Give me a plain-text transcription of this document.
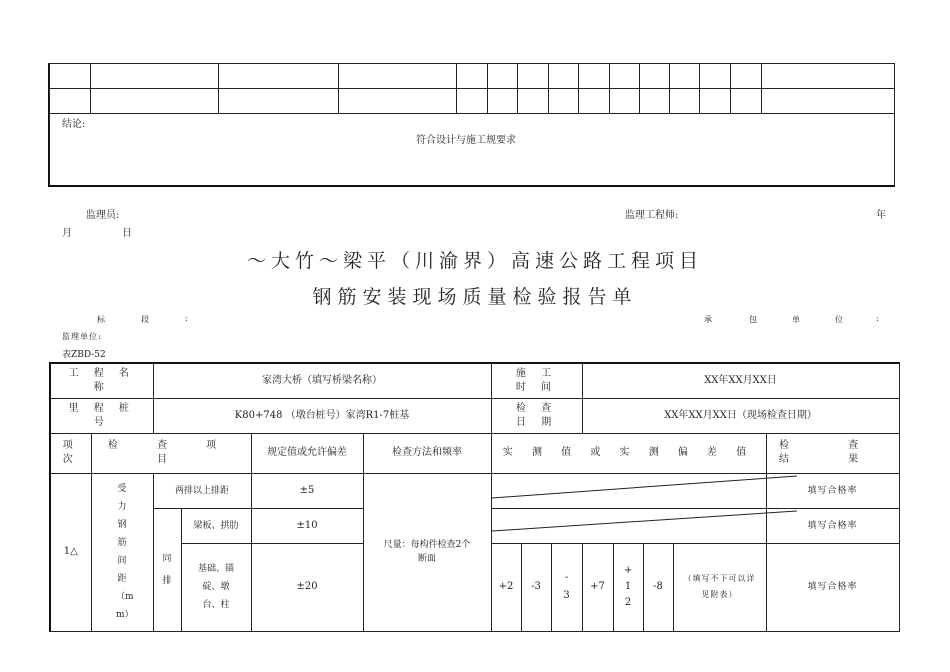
结论:
符合设计与施工规要求														
监理员:	监理工程师:	年
月	日
～大竹～梁平（川渝界）高速公路工程项目
钢筋安装现场质量检验报告单
标	段	:	承	包	单	位	:
监理单位:
表ZBD-52
工 程 名 称		家湾大桥（填写桥梁名称）				施 工 时 间			XX年XX月XX日				
里 程 桩 号		K80+748 （墩台桩号）家湾R1-7桩基				检 查 日 期			XX年XX月XX日（现场检查日期）				
项 次	检 查 项 目			规定值或允许偏差	检查方法和频率	实 测 值 或 实 测 偏 差 值							检 查 结 果
1△	受力钢筋间距（mm）	两排以上排距		±5	尺量：每构件检查2个断面								填写合格率

		同排	梁板、拱肋	±10									填写合格率
			基础、锚碇、墩台、柱	±20		+2	-3	-3	+7	+12	-8	（填写不下可以详见附表）	填写合格率
